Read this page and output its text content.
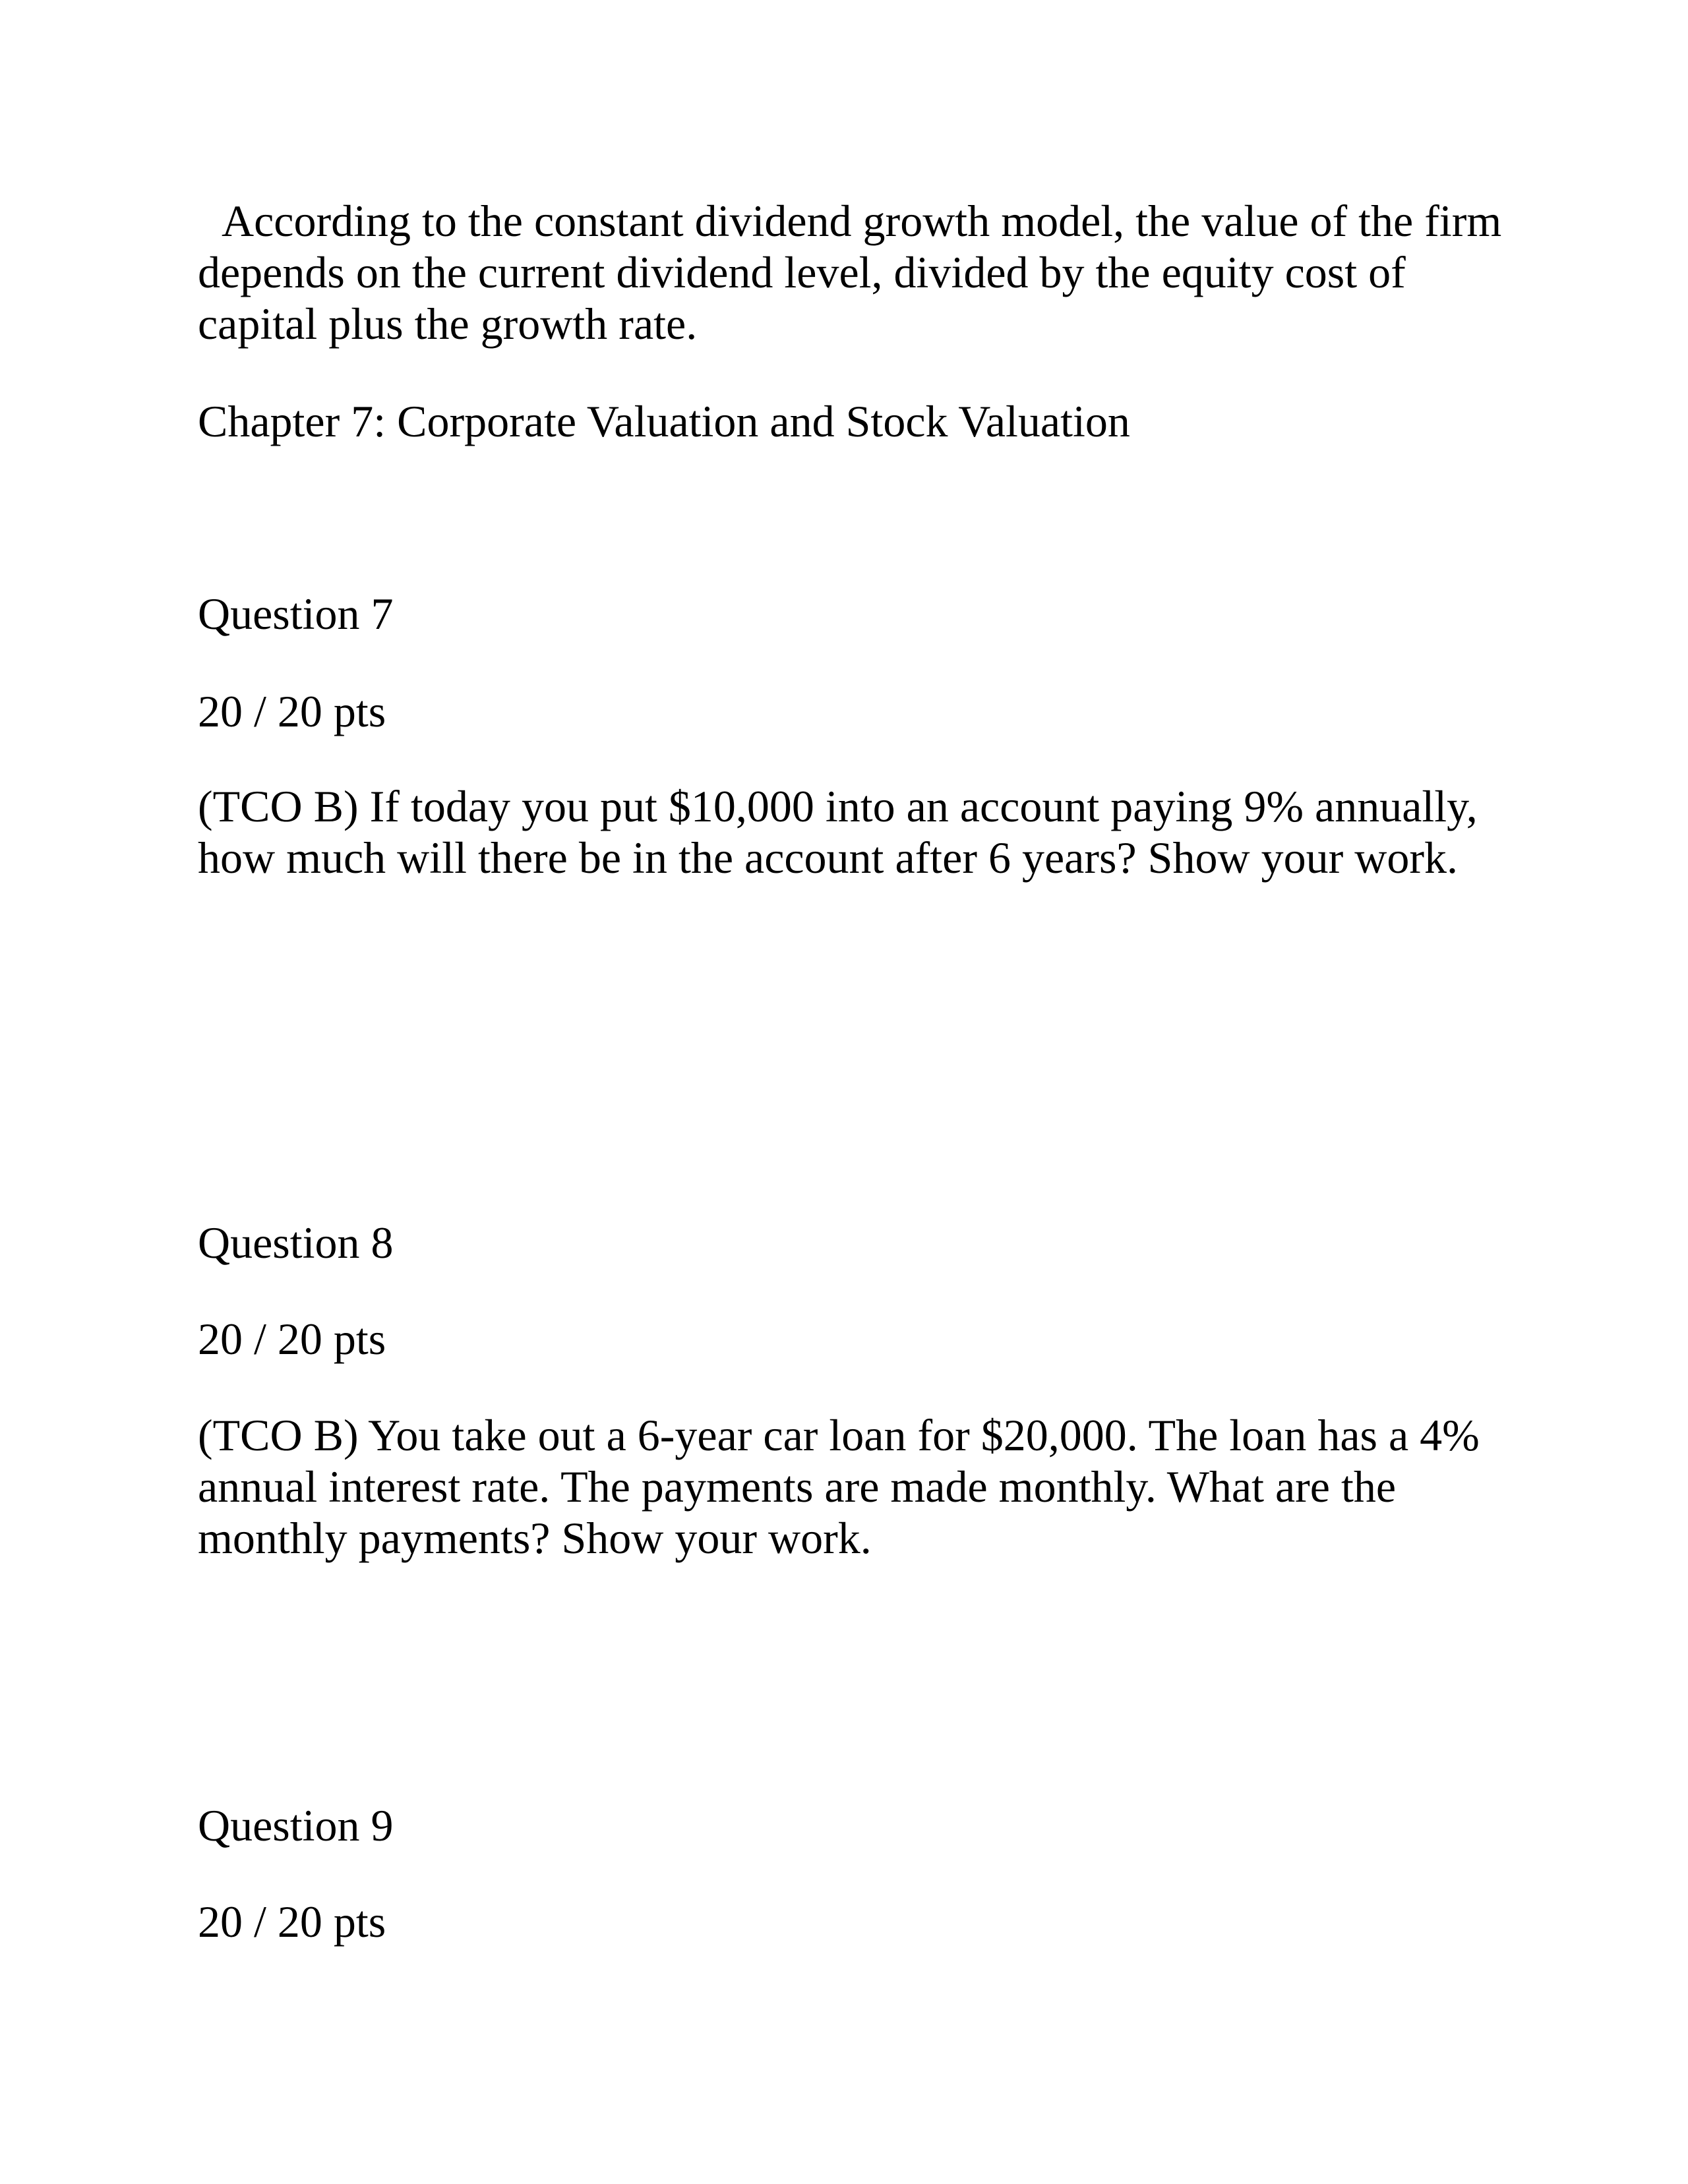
According to the constant dividend growth model, the value of the firm
depends on the current dividend level, divided by the equity cost of
capital plus the growth rate.

Chapter 7: Corporate Valuation and Stock Valuation

Question 7

20 / 20 pts

(TCO B) If today you put $10,000 into an account paying 9% annually,
how much will there be in the account after 6 years? Show your work.

Question 8

20 / 20 pts

(TCO B) You take out a 6-year car loan for $20,000. The loan has a 4%
annual interest rate. The payments are made monthly. What are the
monthly payments? Show your work.

Question 9

20 / 20 pts
